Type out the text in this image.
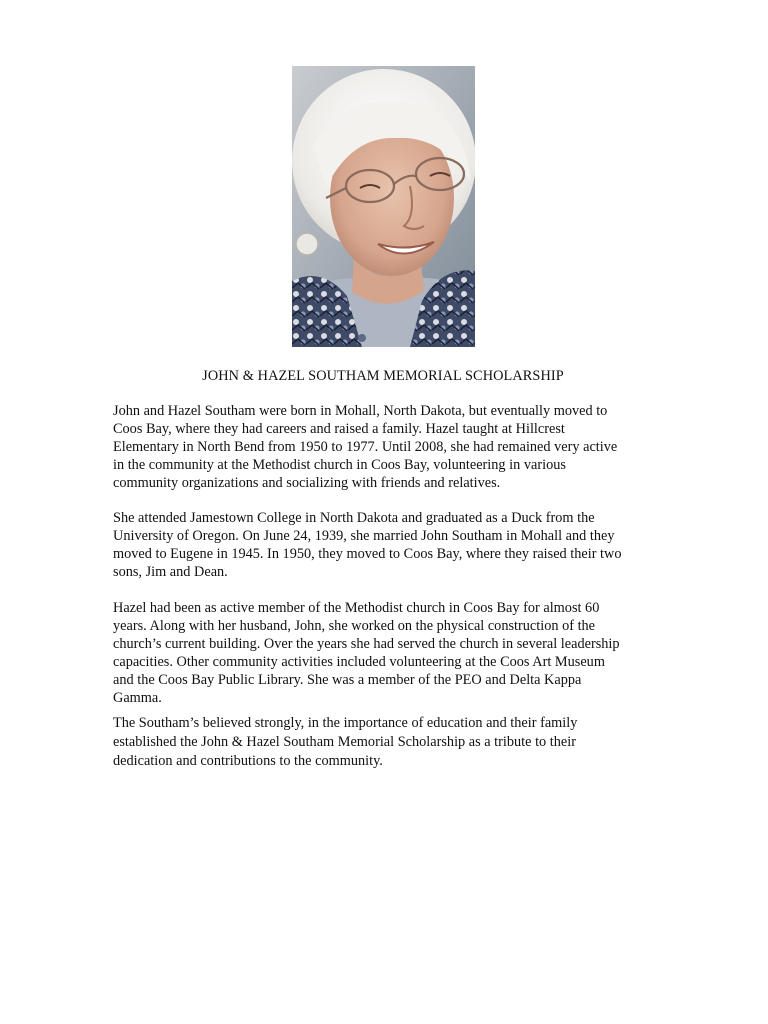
JOHN & HAZEL SOUTHAM MEMORIAL SCHOLARSHIP

John and Hazel Southam were born in Mohall, North Dakota, but eventually moved to
Coos Bay, where they had careers and raised a family. Hazel taught at Hillcrest
Elementary in North Bend from 1950 to 1977. Until 2008, she had remained very active
in the community at the Methodist church in Coos Bay, volunteering in various
community organizations and socializing with friends and relatives.

She attended Jamestown College in North Dakota and graduated as a Duck from the
University of Oregon. On June 24, 1939, she married John Southam in Mohall and they
moved to Eugene in 1945. In 1950, they moved to Coos Bay, where they raised their two
sons, Jim and Dean.

Hazel had been as active member of the Methodist church in Coos Bay for almost 60
years. Along with her husband, John, she worked on the physical construction of the
church’s current building. Over the years she had served the church in several leadership
capacities. Other community activities included volunteering at the Coos Art Museum
and the Coos Bay Public Library. She was a member of the PEO and Delta Kappa
Gamma.

The Southam’s believed strongly, in the importance of education and their family
established the John & Hazel Southam Memorial Scholarship as a tribute to their
dedication and contributions to the community.
